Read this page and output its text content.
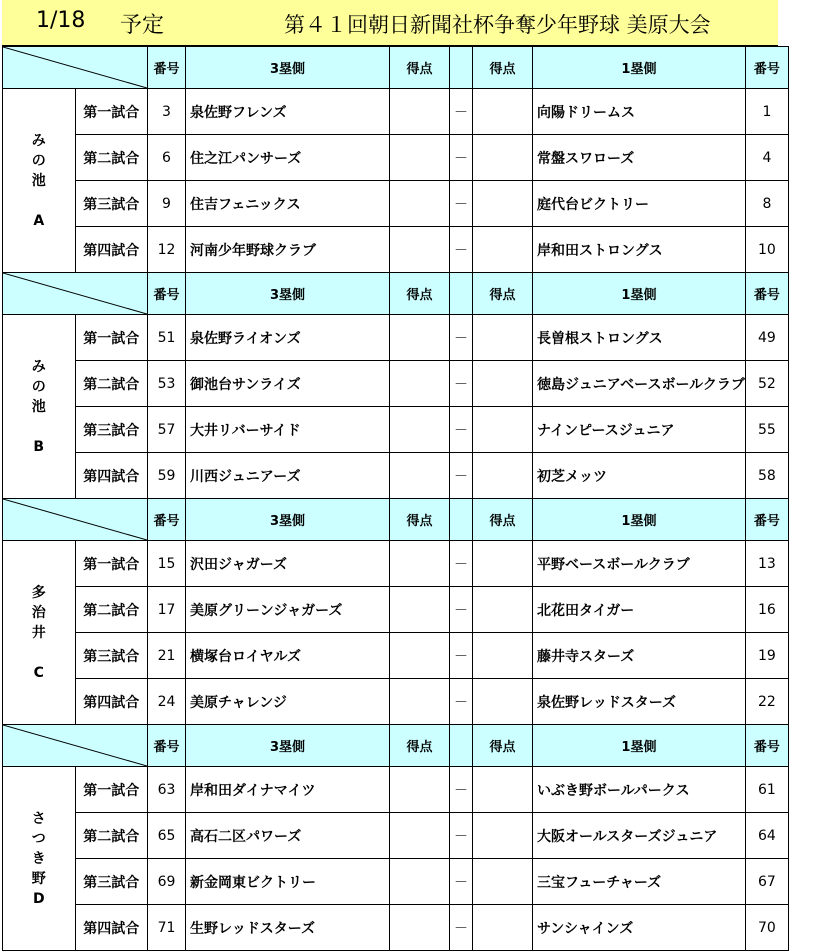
1/18 予定	第４１回朝日新聞社杯争奪少年野球 美原大会
	番号	3塁側	得点		得点	1塁側	番号

み
の
池

A	第一試合	3	泉佐野フレンズ		－		向陽ドリームス	1
	第二試合	6	住之江パンサーズ		－		常盤スワローズ	4
	第三試合	9	住吉フェニックス		－		庭代台ビクトリー	8
	第四試合	12	河南少年野球クラブ		－		岸和田ストロングス	10

	番号	3塁側	得点		得点	1塁側	番号

み
の
池

B	第一試合	51	泉佐野ライオンズ		－		長曽根ストロングス	49
	第二試合	53	御池台サンライズ		－		徳島ジュニアベースボールクラブ	52
	第三試合	57	大井リバーサイド		－		ナインピースジュニア	55
	第四試合	59	川西ジュニアーズ		－		初芝メッツ	58

	番号	3塁側	得点		得点	1塁側	番号

多
治
井

C	第一試合	15	沢田ジャガーズ		－		平野ベースボールクラブ	13
	第二試合	17	美原グリーンジャガーズ		－		北花田タイガー	16
	第三試合	21	横塚台ロイヤルズ		－		藤井寺スターズ	19
	第四試合	24	美原チャレンジ		－		泉佐野レッドスターズ	22

	番号	3塁側	得点		得点	1塁側	番号

さ
つ
き
野
D	第一試合	63	岸和田ダイナマイツ		－		いぶき野ボールパークス	61
	第二試合	65	高石二区パワーズ		－		大阪オールスターズジュニア	64
	第三試合	69	新金岡東ビクトリー		－		三宝フューチャーズ	67
	第四試合	71	生野レッドスターズ		－		サンシャインズ	70
